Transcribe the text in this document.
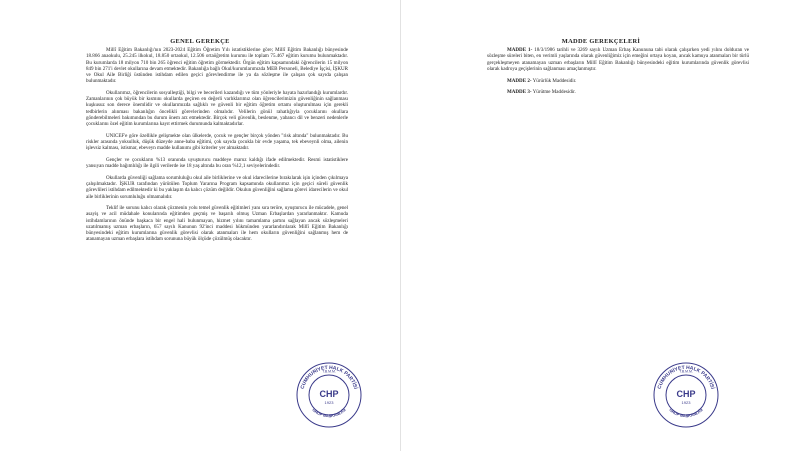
GENEL GEREKÇE

Millî Eğitim Bakanlığı'nın 2023-2024 Eğitim Öğretim Yılı istatistiklerine göre; Millî Eğitim Bakanlığı bünyesinde 18.866 anaokulu, 25.245 ilkokul, 18.850 ortaokul, 12.506 ortaöğretim kurumu ile toplam 75.467 eğitim kurumu bulunmaktadır. Bu kurumlarda 18 milyon 710 bin 265 öğrenci eğitim öğretim görmektedir. Örgün eğitim kapsamındaki öğrencilerin 15 milyon 849 bin 271'i devlet okullarına devam etmektedir. Bakanlığa bağlı Okul/kurumlarımızda MEB Personeli, Belediye İşçisi, İŞKUR ve Okul Aile Birliği üstünden istihdam edilen geçici görevlendirme ile ya da sözleşme ile çalışan çok sayıda çalışan bulunmaktadır.

Okullarımız, öğrencilerin sosyalleştiği, bilgi ve becerileri kazandığı ve tüm yönleriyle hayata hazırlandığı kurumlardır. Zamanlarının çok büyük bir kısmını okullarda geçiren en değerli varlıklarımız olan öğrencilerimizin güvenliğinin sağlanması kuşkusuz son derece önemlidir ve okullarımızda sağlıklı ve güvenli bir eğitim öğretim ortamı oluşturulması için gerekli tedbirlerin alınması bakanlığın öncelikli görevlerinden olmalıdır. Velilerin gönül rahatlığıyla çocuklarını okullara gönderebilmeleri bakımından bu durum önem arz etmektedir. Birçok veli güvenlik, beslenme, yabancı dil ve benzeri nedenlerle çocuklarını özel eğitim kurumlarına kayıt ettirmek durumunda kalmaktadırlar.

UNICEF'e göre özellikle gelişmekte olan ülkelerde, çocuk ve gençler birçok yönden "risk altında" bulunmaktadır. Bu riskler arasında yoksulluk, düşük düzeyde anne-baba eğitimi, çok sayıda çocukla bir evde yaşama, tek ebeveynli olma, ailenin işlevsiz kalması, istismar, ebeveyn madde kullanımı gibi kriterler yer almaktadır.

Gençler ve çocukların %13 oranında uyuşturucu maddeye maruz kaldığı ifade edilmektedir. Resmi istatistiklere yansıyan madde bağımlılığı ile ilgili verilerde ise 18 yaş altında bu oran %12,1 seviyelerindedir.

Okullarda güvenliği sağlama sorumluluğu okul aile birliklerine ve okul idarecilerine bırakılarak işin içinden çıkılmaya çalışılmaktadır. İŞKUR tarafından yürütülen Toplum Yararına Program kapsamında okullarımız için geçici süreli güvenlik görevlileri istihdam edilmektedir ki bu yaklaşım da kalıcı çözüm değildir. Okulun güvenliğini sağlama görevi idarecilerin ve okul aile birliklerinin sorumluluğu olmamalıdır.

Teklif ile sorunu kalıcı olarak çözmenin yolu temel güvenlik eğitimleri yanı sıra teröre, uyuşturucu ile mücadele, genel asayiş ve acil müdahale konularında eğitimden geçmiş ve başarılı olmuş Uzman Erbaşlardan yararlanmaktır. Kamuda istihdamlarının önünde başkaca bir engel hali bulunmayan, hizmet yılını tamamlama şartını sağlayan ancak sözleşmeleri uzatılmamış uzman erbaşların, 657 sayılı Kanunun 92'inci maddesi hükmünden yararlandırılarak Millî Eğitim Bakanlığı bünyesindeki eğitim kurumlarına güvenlik görevlisi olarak atanmaları ile hem okulların güvenliğini sağlanmış hem de atanamayan uzman erbaşlara istihdam sorununa büyük ölçüde çözülmüş olacaktır.

CUMHURİYET HALK PARTİSİ
GRUP BAŞKANLIĞI
T.B.M.M.
CHP
1923
MADDE GEREKÇELERİ

MADDE 1- 18/3/1986 tarihli ve 3269 sayılı Uzman Erbaş Kanununa tabi olarak çalışırken yedi yılını dolduran ve sözleşme süreleri biten, en verimli yaşlarında olarak güvenliğimiz için emeğini ortaya koyan, ancak kamuya atanmaları bir türlü gerçekleşmeyen atanamayan uzman erbaşların Millî Eğitim Bakanlığı bünyesindeki eğitim kurumlarında güvenlik görevlisi olarak kadroya geçişlerinin sağlanması amaçlanmıştır.

MADDE 2- Yürürlük Maddesidir.

MADDE 3- Yürütme Maddesidir.

CUMHURİYET HALK PARTİSİ
GRUP BAŞKANLIĞI
T.B.M.M.
CHP
1923
